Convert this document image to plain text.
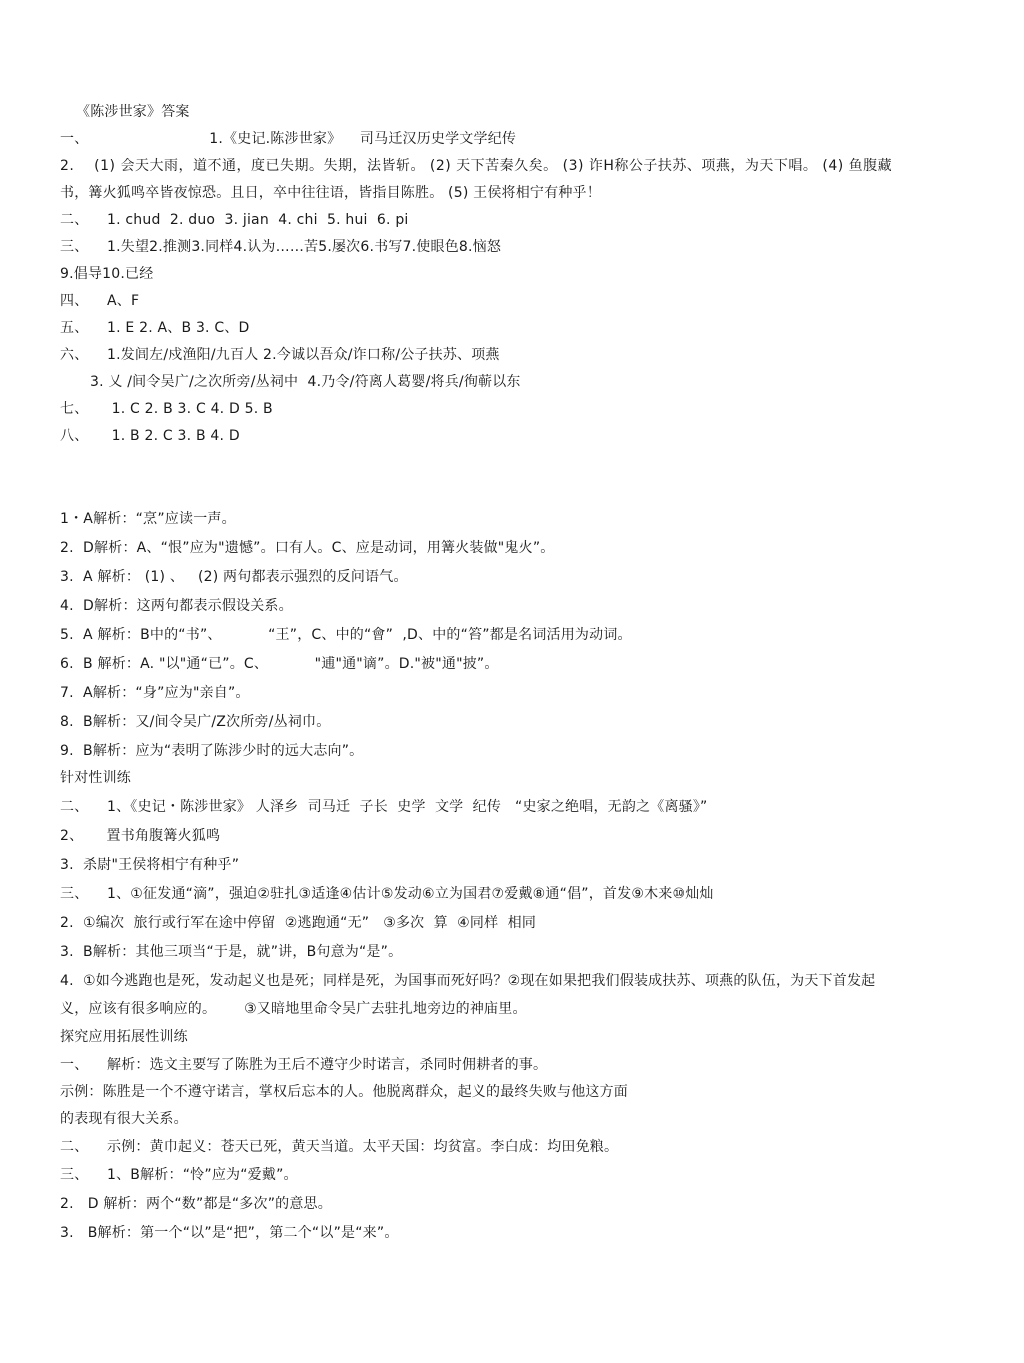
《陈涉世家》答案
一、                          1.《史记.陈涉世家》    司马迁汉历史学文学纪传
2.    (1) 会天大雨，道不通，度已失期。失期，法皆斩。 (2) 天下苦秦久矣。 (3) 诈H称公子扶苏、项燕，为天下唱。 (4) 鱼腹藏
书，篝火狐鸣卒皆夜惊恐。且日，卒中往往语，皆指目陈胜。 (5) 王侯将相宁有种乎！
二、    1. chud  2. duo  3. jian  4. chi  5. hui  6. pi
三、    1.失望2.推测3.同样4.认为……苦5.屡次6.书写7.使眼色8.恼怒
9.倡导10.已经
四、    A、F
五、    1. E 2. A、B 3. C、D
六、    1.发闾左/戍渔阳/九百人 2.今诚以吾众/诈口称/公子扶苏、项燕
3. 乂 /间令吴广/之次所旁/丛祠中  4.乃令/符离人葛婴/将兵/徇蕲以东
七、     1. C 2. B 3. C 4. D 5. B
八、     1. B 2. C 3. B 4. D
1・A解析：“烹”应读一声。
2.  D解析：A、“恨”应为"遗憾”。口有人。C、应是动词，用篝火装做"鬼火”。
3.  A 解析： (1) 、   (2) 两句都表示强烈的反问语气。
4.  D解析：这两句都表示假设关系。
5.  A 解析：B中的“书”、          “王”，C、中的“會”  ,D、中的“笞”都是名词活用为动词。
6.  B 解析：A. "以"通“已”。C、          "逋"通"谪”。D."被"通"披”。
7.  A解析：“身”应为"亲自”。
8.  B解析：又/间令吴广/Z次所旁/丛祠巾。
9.  B解析：应为“表明了陈涉少时的远大志向”。
针对性训练
二、    1、《史记・陈涉世家》 人泽乡  司马迁  子长  史学  文学  纪传   “史家之绝唱，无韵之《离骚》”
2、     置书角腹篝火狐鸣
3.  杀尉"王侯将相宁有种乎”
三、    1、①征发通“滴”，强迫②驻扎③适逢④估计⑤发动⑥立为国君⑦爱戴⑧通“倡”，首发⑨木来⑩灿灿
2.  ①编次  旅行或行军在途中停留  ②逃跑通“无”   ③多次  算  ④同样  相同
3.  B解析：其他三项当“于是，就”讲，B句意为“是”。
4.  ①如今逃跑也是死，发动起义也是死；同样是死，为国事而死好吗？②现在如果把我们假装成扶苏、项燕的队伍，为天下首发起
义，应该有很多响应的。      ③又暗地里命令吴广去驻扎地旁边的神庙里。
探究应用拓展性训练
一、    解析：选文主要写了陈胜为王后不遵守少时诺言，杀同时佣耕者的事。
示例：陈胜是一个不遵守诺言，掌权后忘本的人。他脱离群众，起义的最终失败与他这方面
的表现有很大关系。
二、    示例：黄巾起义：苍天已死，黄天当道。太平天国：均贫富。李白成：均田免粮。
三、    1、B解析：“怜”应为“爱戴”。
2.   D 解析：两个“数”都是“多次”的意思。
3.   B解析：第一个“以”是“把”，第二个“以”是“来”。
